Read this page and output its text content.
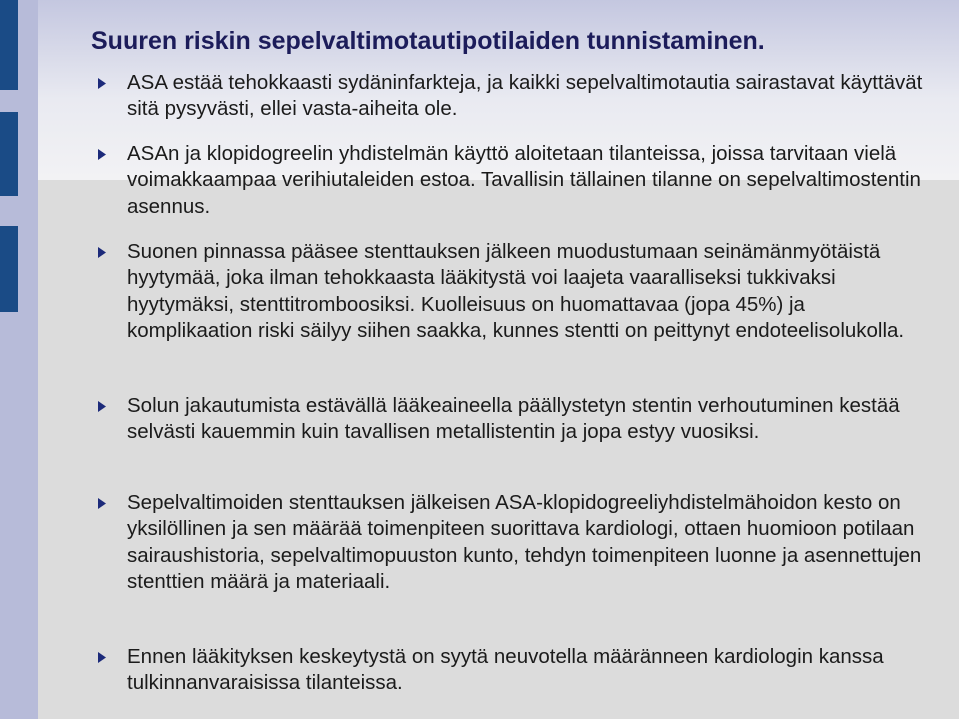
Suuren riskin sepelvaltimotautipotilaiden tunnistaminen.
ASA estää tehokkaasti sydäninfarkteja, ja kaikki sepelvaltimotautia sairastavat käyttävät sitä pysyvästi, ellei vasta-aiheita ole.
ASAn ja klopidogreelin yhdistelmän käyttö aloitetaan tilanteissa, joissa tarvitaan vielä voimakkaampaa verihiutaleiden estoa. Tavallisin tällainen tilanne on sepelvaltimostentin asennus.
Suonen pinnassa pääsee stenttauksen jälkeen muodustumaan seinämänmyötäistä hyytymää, joka ilman tehokkaasta lääkitystä voi laajeta vaaralliseksi tukkivaksi hyytymäksi, stenttitromboosiksi. Kuolleisuus on huomattavaa (jopa 45%) ja komplikaation riski säilyy siihen saakka, kunnes stentti on peittynyt endoteelisolukolla.
Solun jakautumista estävällä lääkeaineella päällystetyn stentin verhoutuminen kestää selvästi kauemmin kuin tavallisen metallistentin ja jopa estyy vuosiksi.
Sepelvaltimoiden stenttauksen jälkeisen ASA-klopidogreeliyhdistelmähoidon kesto on yksilöllinen ja sen määrää toimenpiteen suorittava kardiologi, ottaen huomioon potilaan sairaushistoria, sepelvaltimopuuston kunto, tehdyn toimenpiteen luonne ja asennettujen stenttien määrä ja materiaali.
Ennen lääkityksen keskeytystä on syytä neuvotella määränneen kardiologin kanssa tulkinnanvaraisissa tilanteissa.
